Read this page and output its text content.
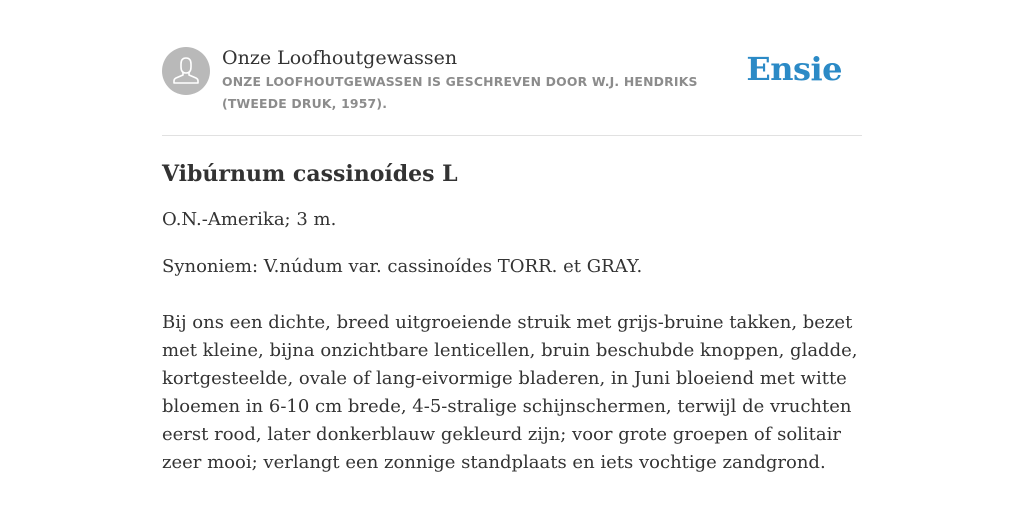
Onze Loofhoutgewassen
ONZE LOOFHOUTGEWASSEN IS GESCHREVEN DOOR W.J. HENDRIKS (TWEEDE DRUK, 1957).
Ensie
Vibúrnum cassinoídes L

O.N.-Amerika; 3 m.

Synoniem: V.núdum var. cassinoídes TORR. et GRAY.

Bij ons een dichte, breed uitgroeiende struik met grijs-bruine takken, bezet met kleine, bijna onzichtbare lenticellen, bruin beschubde knoppen, gladde, kortgesteelde, ovale of lang-eivormige bladeren, in Juni bloeiend met witte bloemen in 6-10 cm brede, 4-5-stralige schijnschermen, terwijl de vruchten eerst rood, later donkerblauw gekleurd zijn; voor grote groepen of solitair zeer mooi; verlangt een zonnige standplaats en iets vochtige zandgrond.
